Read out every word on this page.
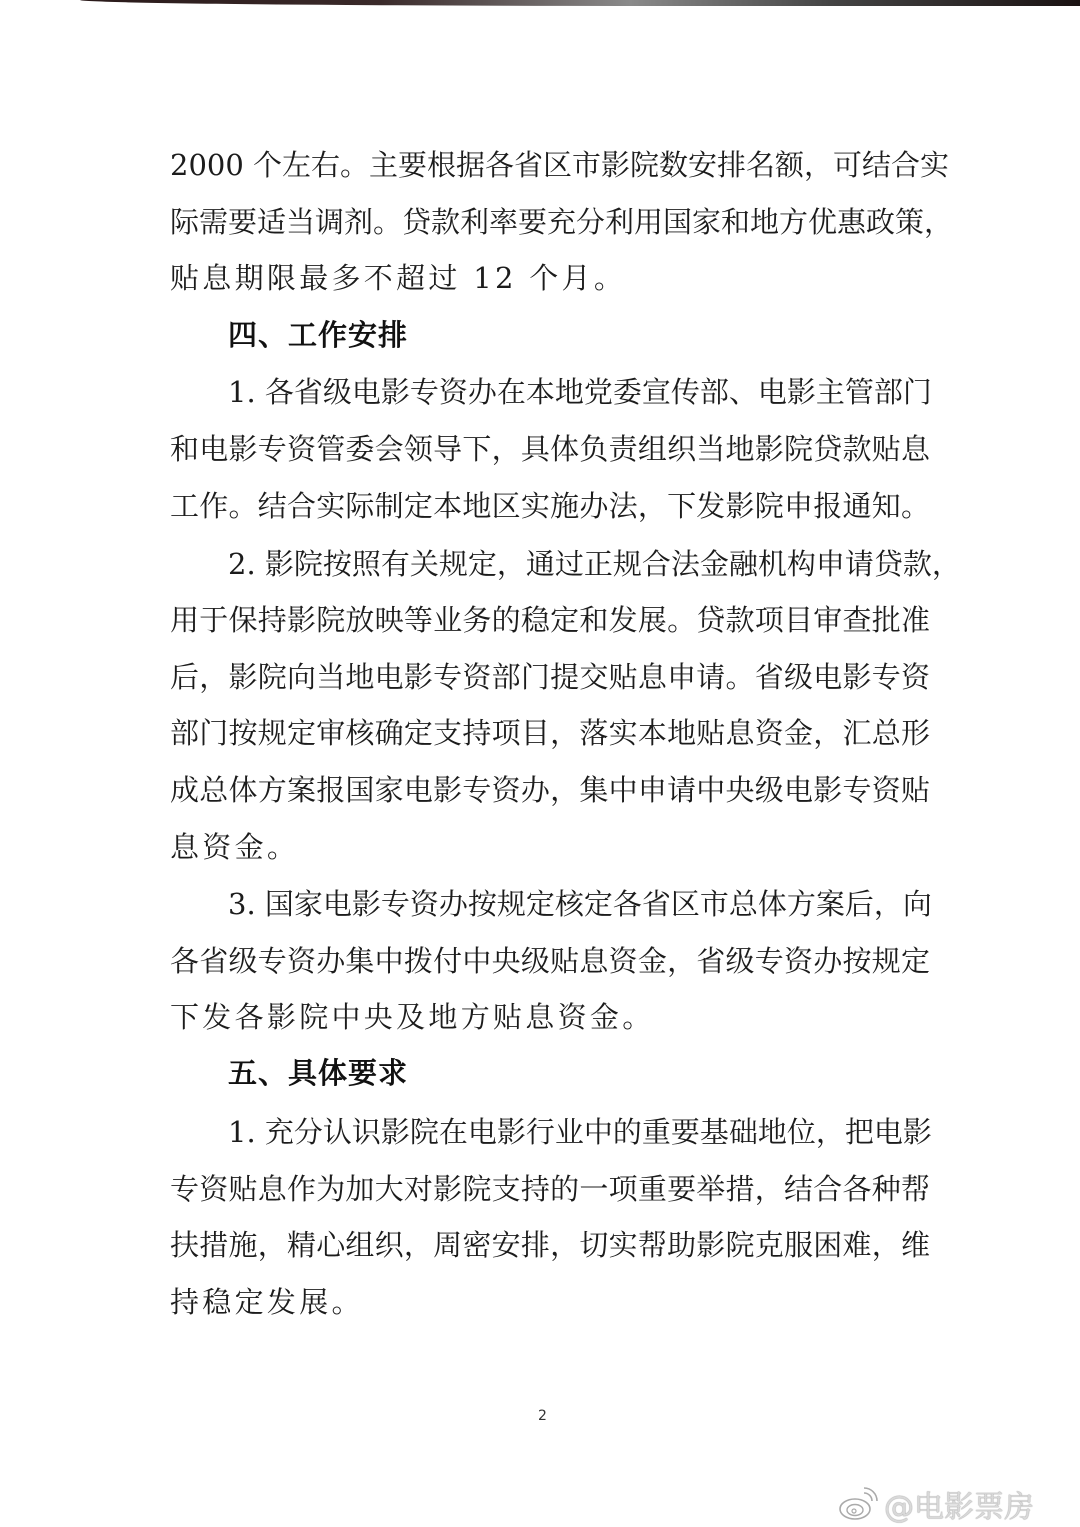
2000 个左右。主要根据各省区市影院数安排名额，可结合实
际需要适当调剂。贷款利率要充分利用国家和地方优惠政策，
贴息期限最多不超过 12 个月。
四、工作安排
1. 各省级电影专资办在本地党委宣传部、电影主管部门
和电影专资管委会领导下，具体负责组织当地影院贷款贴息
工作。结合实际制定本地区实施办法，下发影院申报通知。
2. 影院按照有关规定，通过正规合法金融机构申请贷款，
用于保持影院放映等业务的稳定和发展。贷款项目审查批准
后，影院向当地电影专资部门提交贴息申请。省级电影专资
部门按规定审核确定支持项目，落实本地贴息资金，汇总形
成总体方案报国家电影专资办，集中申请中央级电影专资贴
息资金。
3. 国家电影专资办按规定核定各省区市总体方案后，向
各省级专资办集中拨付中央级贴息资金，省级专资办按规定
下发各影院中央及地方贴息资金。
五、具体要求
1. 充分认识影院在电影行业中的重要基础地位，把电影
专资贴息作为加大对影院支持的一项重要举措，结合各种帮
扶措施，精心组织，周密安排，切实帮助影院克服困难，维
持稳定发展。
2
@电影票房
